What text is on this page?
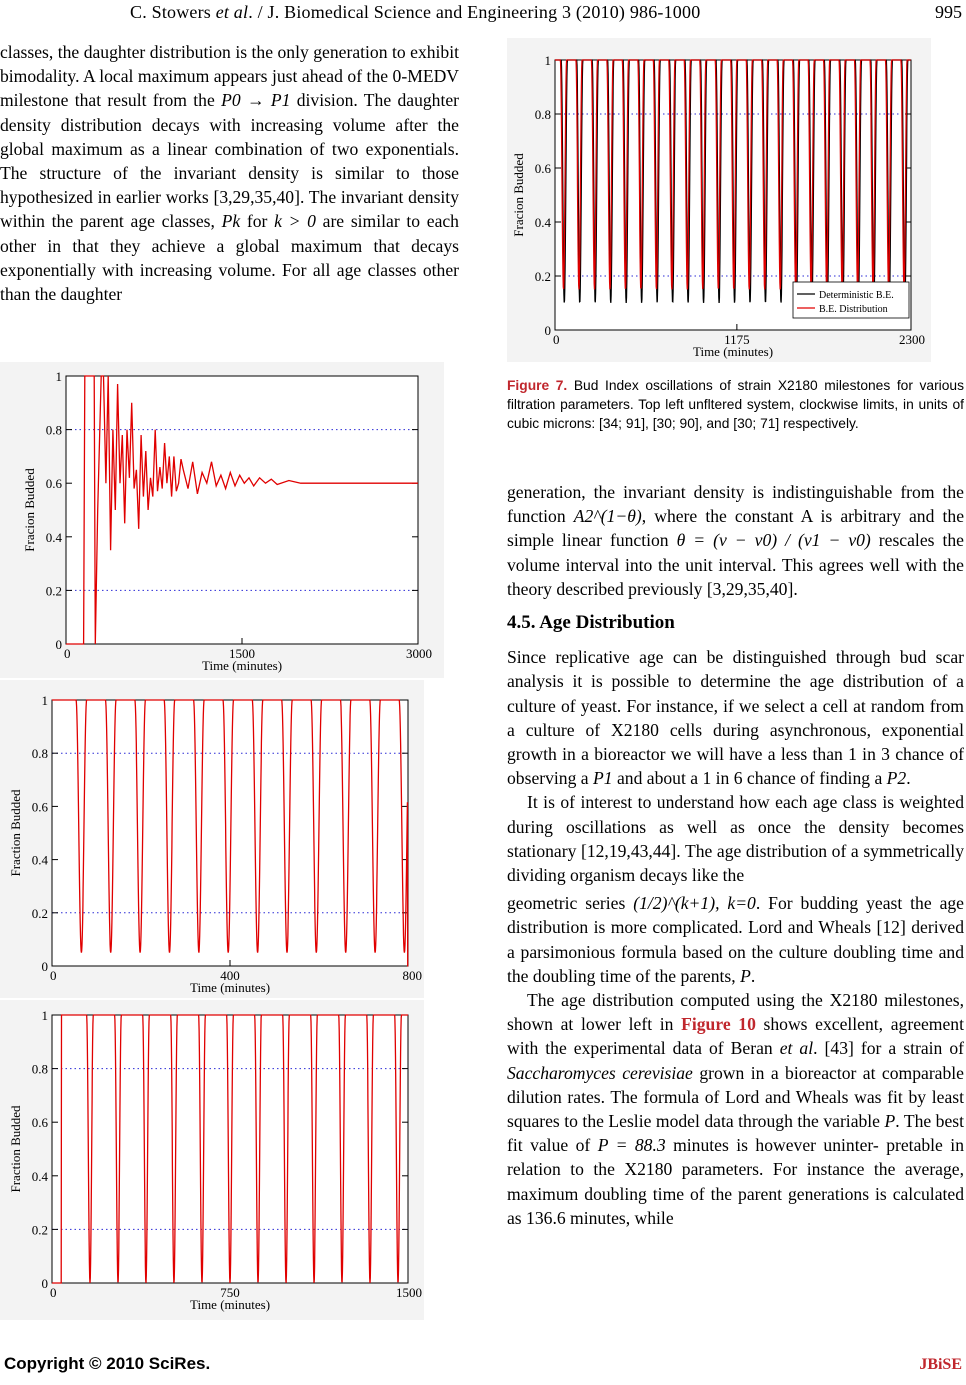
C. Stowers et al. / J. Biomedical Science and Engineering 3 (2010) 986-1000	995

classes, the daughter distribution is the only generation to exhibit bimodality. A local maximum appears just ahead of the 0-MEDV milestone that result from the P0 → P1 division. The daughter density distribution decays with increasing volume after the global maximum as a linear combination of two exponentials. The structure of the invariant density is similar to those hypothesized in earlier works [3,29,35,40]. The invariant density within the parent age classes, Pk for k > 0 are similar to each other in that they achieve a global maximum that decays exponentially with increasing volume. For all age classes other than the daughter

0
0.2
0.4
0.6
0.8
1
0	1500	3000
Time (minutes)
Fracion Budded
0
0.2
0.4
0.6
0.8
1
0	400	800
Time (minutes)
Fraction Budded
0
0.2
0.4
0.6
0.8
1
0	750	1500
Time (minutes)
Fraction Budded
0
0.2
0.4
0.6
0.8
1
0	1175	2300
Time (minutes)
Fracion Budded
Deterministic B.E.
B.E. Distribution
Figure 7. Bud Index oscillations of strain X2180 milestones for various filtration parameters. Top left unfltered system, clockwise limits, in units of cubic microns: [34; 91], [30; 90], and [30; 71] respectively.

generation, the invariant density is indistinguishable from the function A2^(1−θ), where the constant A is arbitrary and the simple linear function θ = (v − v0) / (v1 − v0) rescales the volume interval into the unit interval. This agrees well with the theory described previously [3,29,35,40].

4.5. Age Distribution

Since replicative age can be distinguished through bud scar analysis it is possible to determine the age distribution of a culture of yeast. For instance, if we select a cell at random from a culture of X2180 cells during asynchronous, exponential growth in a bioreactor we will have a less than 1 in 3 chance of observing a P1 and about a 1 in 6 chance of finding a P2.

It is of interest to understand how each age class is weighted during oscillations as well as once the density becomes stationary [12,19,43,44]. The age distribution of a symmetrically dividing organism decays like the

geometric series (1/2)^(k+1), k=0. For budding yeast the age distribution is more complicated. Lord and Wheals [12] derived a parsimonious formula based on the culture doubling time and the doubling time of the parents, P.

The age distribution computed using the X2180 milestones, shown at lower left in Figure 10 shows excellent, agreement with the experimental data of Beran et al. [43] for a strain of Saccharomyces cerevisiae grown in a bioreactor at comparable dilution rates. The formula of Lord and Wheals was fit by least squares to the Leslie model data through the variable P. The best fit value of P = 88.3 minutes is however uninter- pretable in relation to the X2180 parameters. For instance the average, maximum doubling time of the parent generations is calculated as 136.6 minutes, while

Copyright © 2010 SciRes.	JBiSE
